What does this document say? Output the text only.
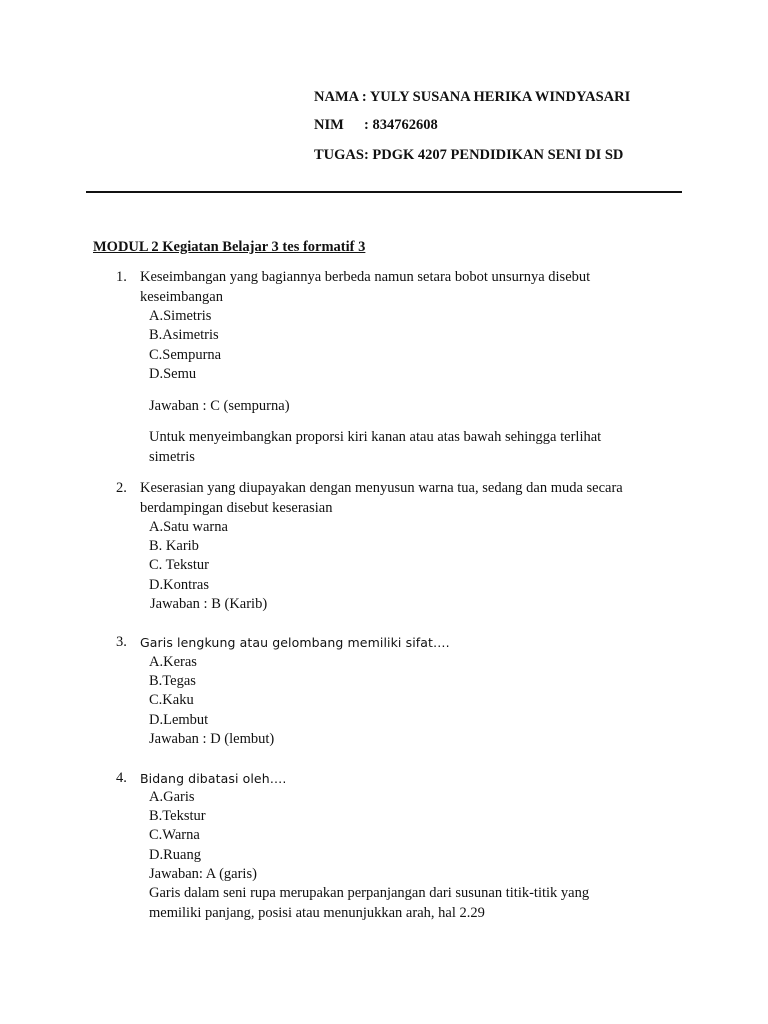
NAMA : YULY SUSANA HERIKA WINDYASARI
NIM : 834762608
TUGAS: PDGK 4207 PENDIDIKAN SENI DI SD
MODUL 2 Kegiatan Belajar 3 tes formatif 3
1. Keseimbangan yang bagiannya berbeda namun setara bobot unsurnya disebut
keseimbangan
A.Simetris
B.Asimetris
C.Sempurna
D.Semu
Jawaban : C (sempurna)
Untuk menyeimbangkan proporsi kiri kanan atau atas bawah sehingga terlihat
simetris
2. Keserasian yang diupayakan dengan menyusun warna tua, sedang dan muda secara
berdampingan disebut keserasian
A.Satu warna
B. Karib
C. Tekstur
D.Kontras
Jawaban : B (Karib)
3. Garis lengkung atau gelombang memiliki sifat….
A.Keras
B.Tegas
C.Kaku
D.Lembut
Jawaban : D (lembut)
4. Bidang dibatasi oleh….
A.Garis
B.Tekstur
C.Warna
D.Ruang
Jawaban: A (garis)
Garis dalam seni rupa merupakan perpanjangan dari susunan titik-titik yang
memiliki panjang, posisi atau menunjukkan arah, hal 2.29
